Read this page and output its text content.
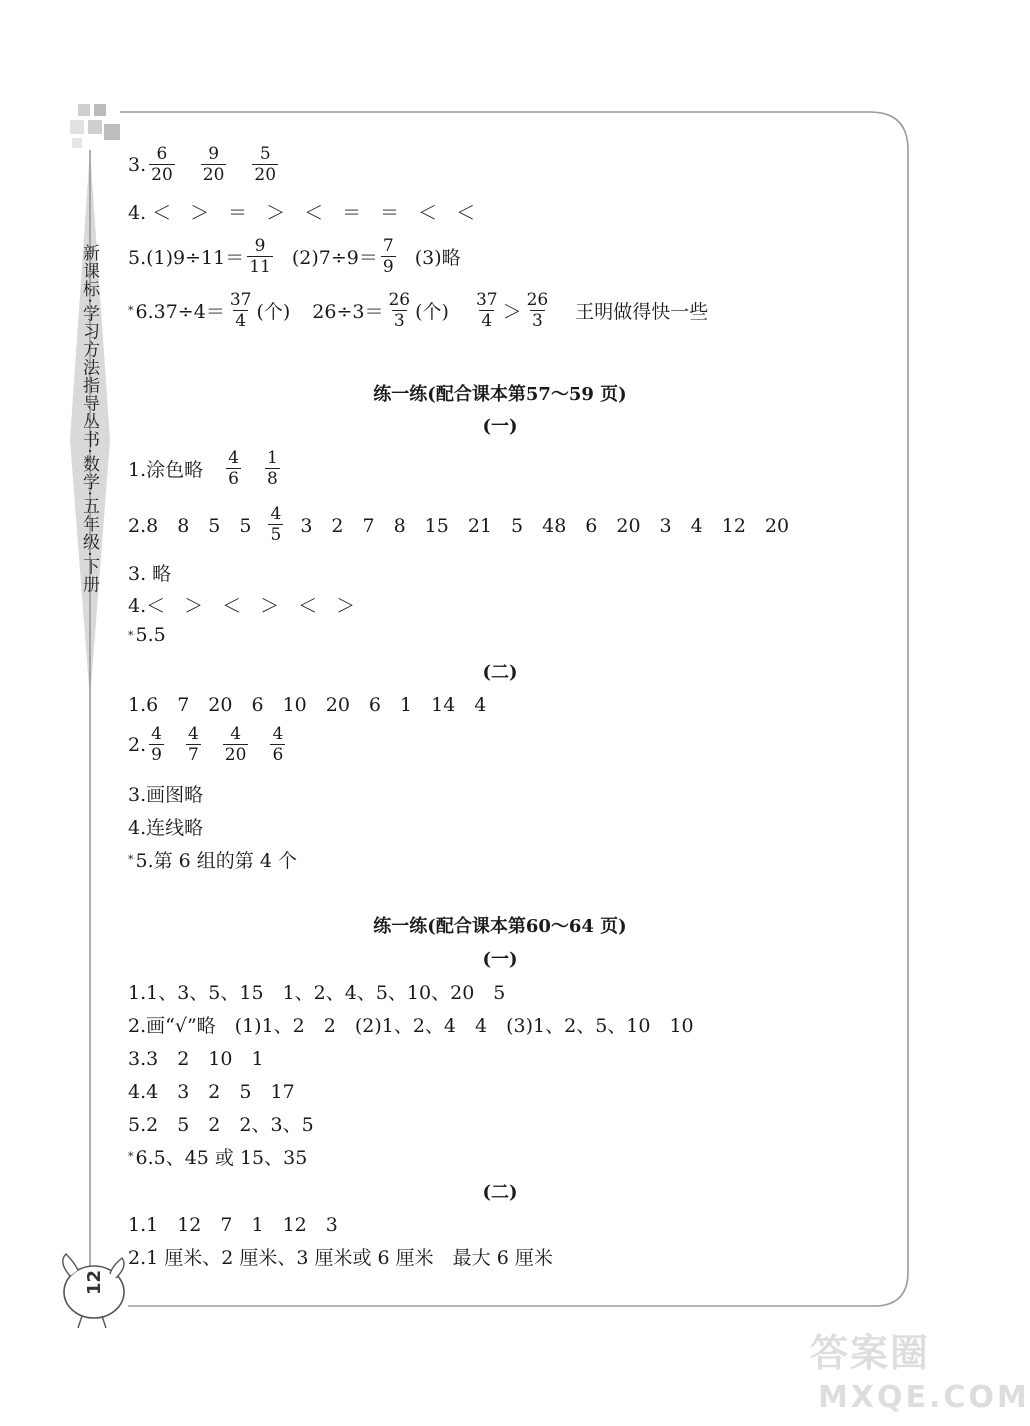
新课标·学习方法指导丛书·数学·五年级·下册
12
3. $\frac{6}{20} \frac{9}{20} \frac{5}{20}$
4. ＜　＞　＝　＞　＜　＝　＝　＜　＜
$5.(1)9\div 11= \frac{9}{11} (2)7\div 9= \frac{7}{9} (3)$略
* $6.37\div 4= \frac{37}{4}$ (个) $26\div 3= \frac{26}{3}$ (个) $\frac{37}{4} > \frac{26}{3}$ 王明做得快一些
练一练(配合课本第57～59 页)
(一)
1.涂色略 $\frac{4}{6} \frac{1}{8}$
2.8　8　5　$5 \frac{4}{5} 3$　2　7　8　15　21　5　48　6　20　3　4　12　20
3. 略
4.＜　＞　＜　＞　＜　＞
* 5.5
(二)
1.6　7　20　6　10　20　6　1　14　4
2. $\frac{4}{9} \frac{4}{7} \frac{4}{20} \frac{4}{6}$
3.画图略
4.连线略
* 5.第 6 组的第 4 个
练一练(配合课本第60～64 页)
(一)
1.1、3、5、15　1、2、4、5、10、20　5
2.画“√”略　(1)1、2　2　(2)1、2、4　4　(3)1、2、5、10　10
3.3　2　10　1
4.4　3　2　5　17
5.2　5　2　2、3、5
* 6.5、45 或 15、35
(二)
1.1　12　7　1　12　3
2.1 厘米、2 厘米、3 厘米或 6 厘米　最大 6 厘米
答案圈
MXQE.COM
